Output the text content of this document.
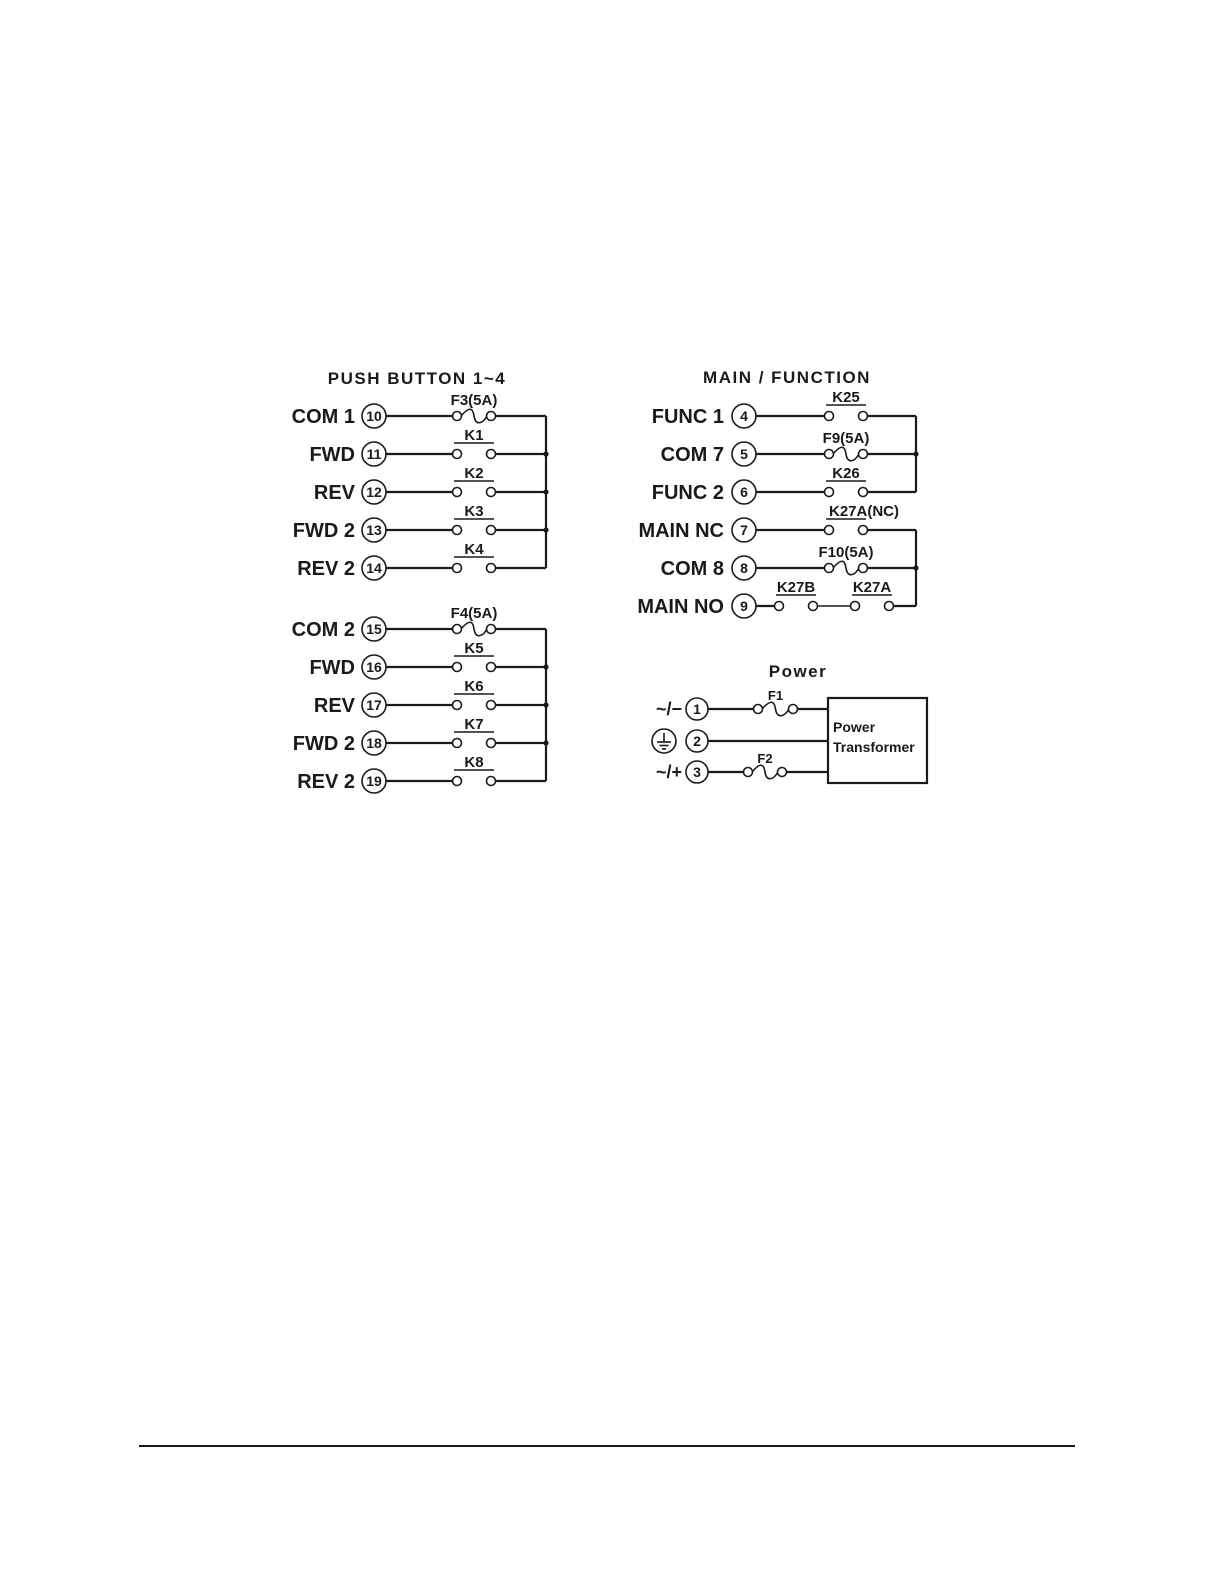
PUSH BUTTON 1~4	MAIN / FUNCTION
Power
COM 1 10
F3(5A)
FWD 11
K1
REV 12
K2
FWD 2 13
K3
REV 2 14
K4
COM 2 15
F4(5A)
FWD 16
K5
REV 17
K6
FWD 2 18
K7
REV 2 19
K8
FUNC 1 4
K25
COM 7 5
F9(5A)
FUNC 2 6
K26
MAIN NC 7
K27A(NC)
COM 8 8
F10(5A)
MAIN NO 9
K27B	K27A
Power
Transformer
~/− 1
F1
2
~/+ 3
F2
